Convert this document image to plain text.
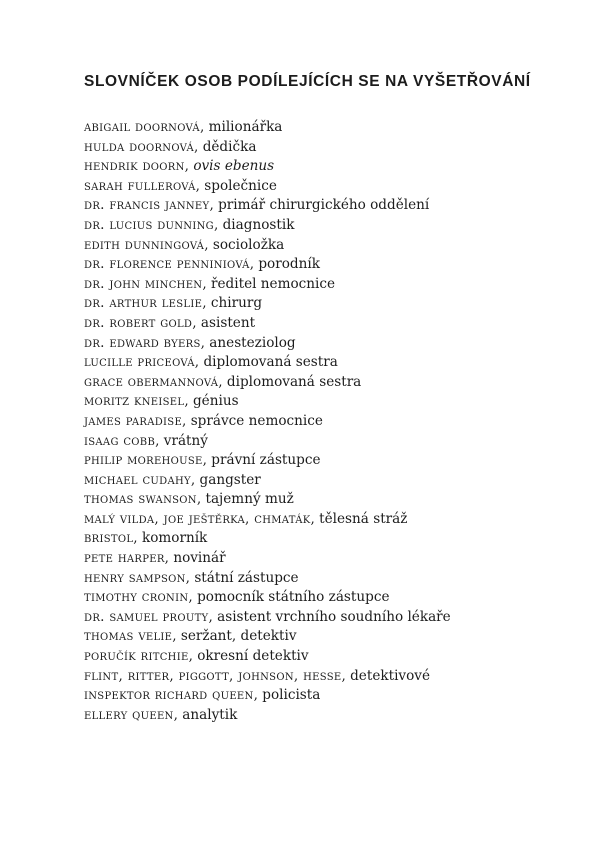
SLOVNÍČEK OSOB PODÍLEJÍCÍCH SE NA VYŠETŘOVÁNÍ
abigail doornová, milionářka
hulda doornová, dědička
hendrik doorn, ovis ebenus
sarah fullerová, společnice
dr. francis janney, primář chirurgického oddělení
dr. lucius dunning, diagnostik
edith dunningová, socioložka
dr. florence penniniová, porodník
dr. john minchen, ředitel nemocnice
dr. arthur leslie, chirurg
dr. robert gold, asistent
dr. edward byers, anesteziolog
lucille priceová, diplomovaná sestra
grace obermannová, diplomovaná sestra
moritz kneisel, génius
james paradise, správce nemocnice
isaag cobb, vrátný
philip morehouse, právní zástupce
michael cudahy, gangster
thomas swanson, tajemný muž
malý vilda, joe ještěrka, chmaták, tělesná stráž
bristol, komorník
pete harper, novinář
henry sampson, státní zástupce
timothy cronin, pomocník státního zástupce
dr. samuel prouty, asistent vrchního soudního lékaře
thomas velie, seržant, detektiv
poručík ritchie, okresní detektiv
flint, ritter, piggott, johnson, hesse, detektivové
inspektor richard queen, policista
ellery queen, analytik
